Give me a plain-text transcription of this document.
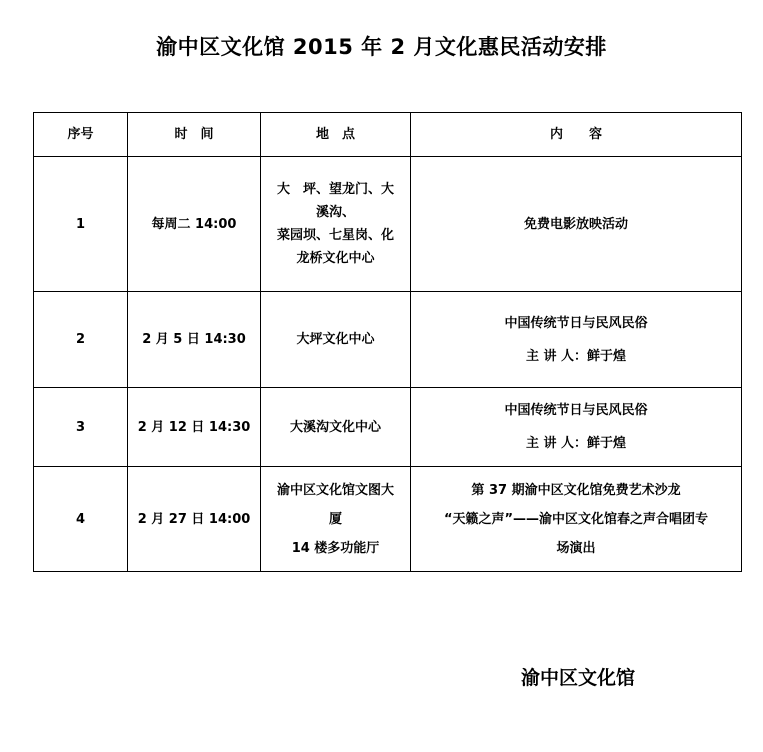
渝中区文化馆 2015 年 2 月文化惠民活动安排
序号	时　间	地　点	内　　容
1	每周二 14:00	大　坪、望龙门、大
溪沟、
菜园坝、七星岗、化
龙桥文化中心	免费电影放映活动

2	2 月 5 日 14:30	大坪文化中心	中国传统节日与民风民俗
主 讲 人：鲜于煌

3	2 月 12 日 14:30	大溪沟文化中心	中国传统节日与民风民俗
主 讲 人：鲜于煌

4	2 月 27 日 14:00	渝中区文化馆文图大
厦
14 楼多功能厅	第 37 期渝中区文化馆免费艺术沙龙
“天籁之声”——渝中区文化馆春之声合唱团专
场演出
渝中区文化馆
